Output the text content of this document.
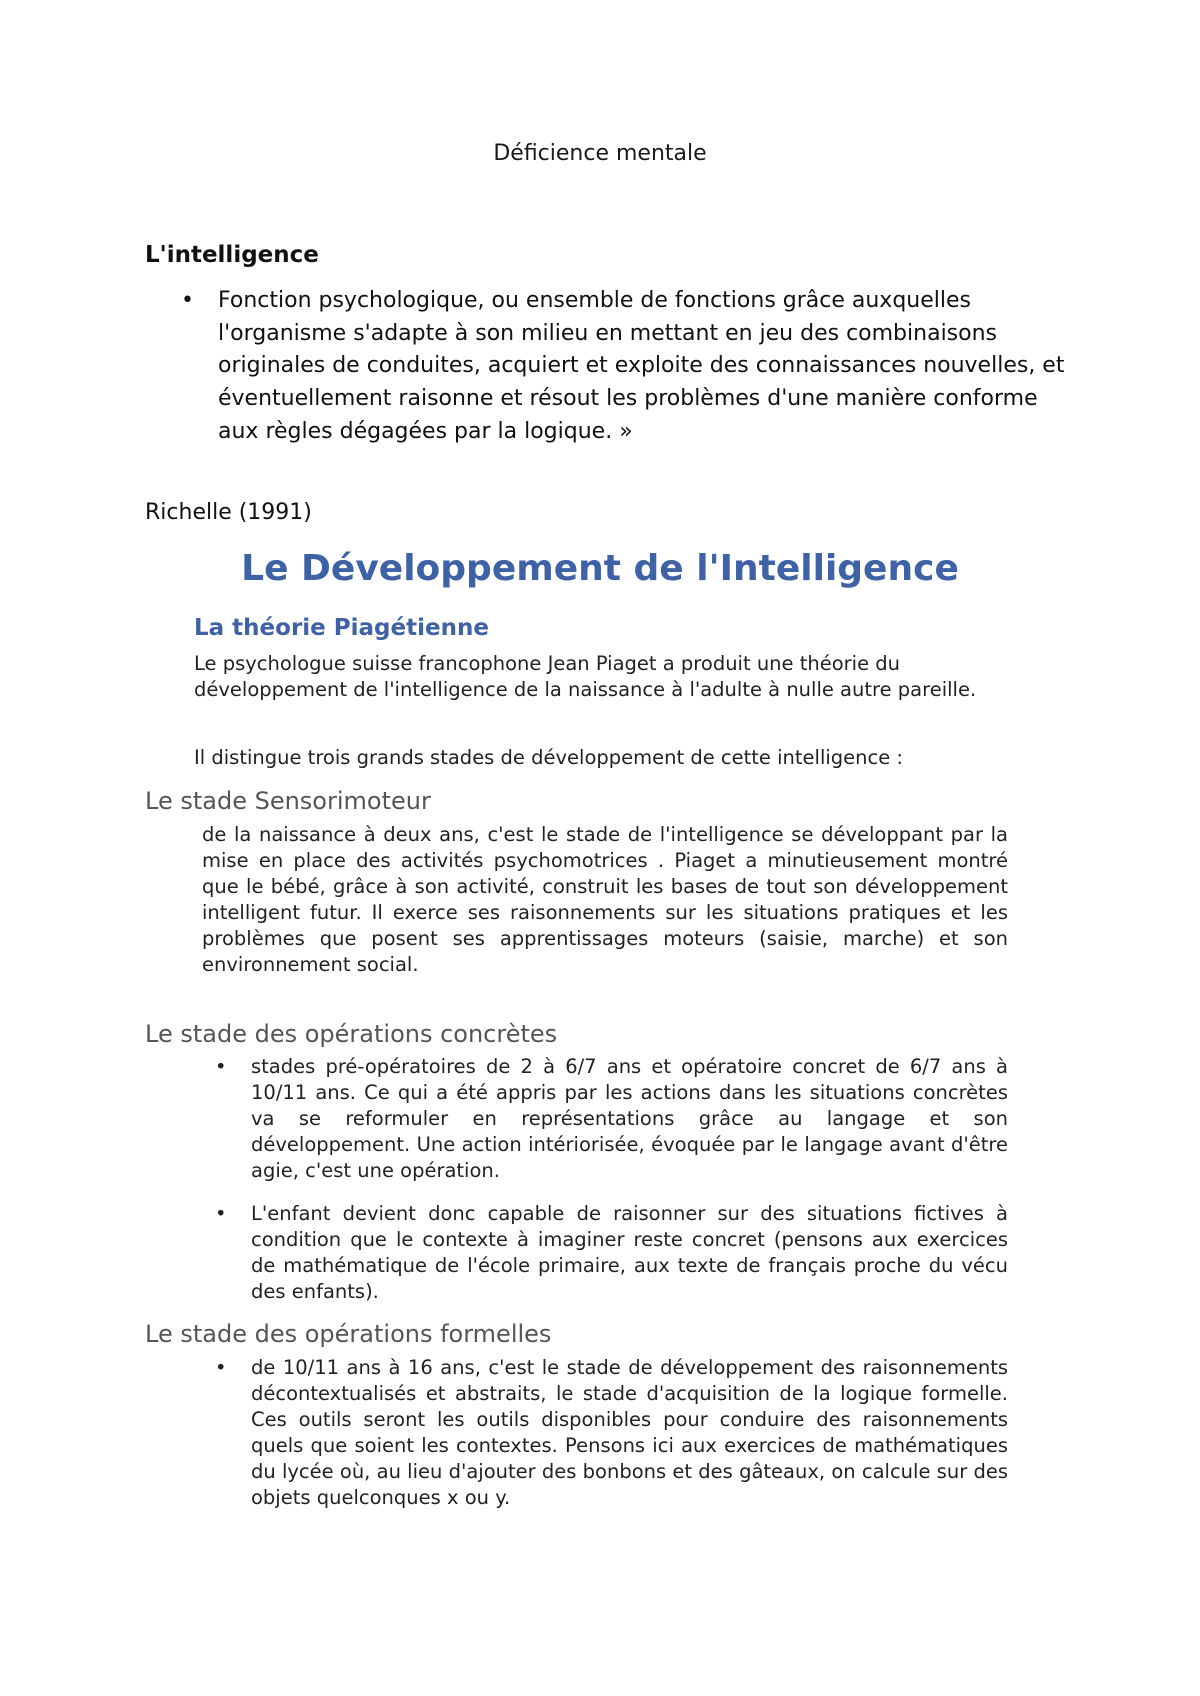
Déficience mentale
L'intelligence
• Fonction psychologique, ou ensemble de fonctions grâce auxquelles l'organisme s'adapte à son milieu en mettant en jeu des combinaisons originales de conduites, acquiert et exploite des connaissances nouvelles, et éventuellement raisonne et résout les problèmes d'une manière conforme aux règles dégagées par la logique. »
Richelle (1991)
Le Développement de l'Intelligence
La théorie Piagétienne
Le psychologue suisse francophone Jean Piaget a produit une théorie du développement de l'intelligence de la naissance à l'adulte à nulle autre pareille.
Il distingue trois grands stades de développement de cette intelligence :
Le stade Sensorimoteur
de la naissance à deux ans, c'est le stade de l'intelligence se développant par la mise en place des activités psychomotrices . Piaget a minutieusement montré que le bébé, grâce à son activité, construit les bases de tout son développement intelligent futur. Il exerce ses raisonnements sur les situations pratiques et les problèmes que posent ses apprentissages moteurs (saisie, marche) et son environnement social.
Le stade des opérations concrètes
• stades pré-opératoires de 2 à 6/7 ans et opératoire concret de 6/7 ans à 10/11 ans. Ce qui a été appris par les actions dans les situations concrètes va se reformuler en représentations grâce au langage et son développement. Une action intériorisée, évoquée par le langage avant d'être agie, c'est une opération.
• L'enfant devient donc capable de raisonner sur des situations fictives à condition que le contexte à imaginer reste concret (pensons aux exercices de mathématique de l'école primaire, aux texte de français proche du vécu des enfants).
Le stade des opérations formelles
• de 10/11 ans à 16 ans, c'est le stade de développement des raisonnements décontextualisés et abstraits, le stade d'acquisition de la logique formelle. Ces outils seront les outils disponibles pour conduire des raisonnements quels que soient les contextes. Pensons ici aux exercices de mathématiques du lycée où, au lieu d'ajouter des bonbons et des gâteaux, on calcule sur des objets quelconques x ou y.
